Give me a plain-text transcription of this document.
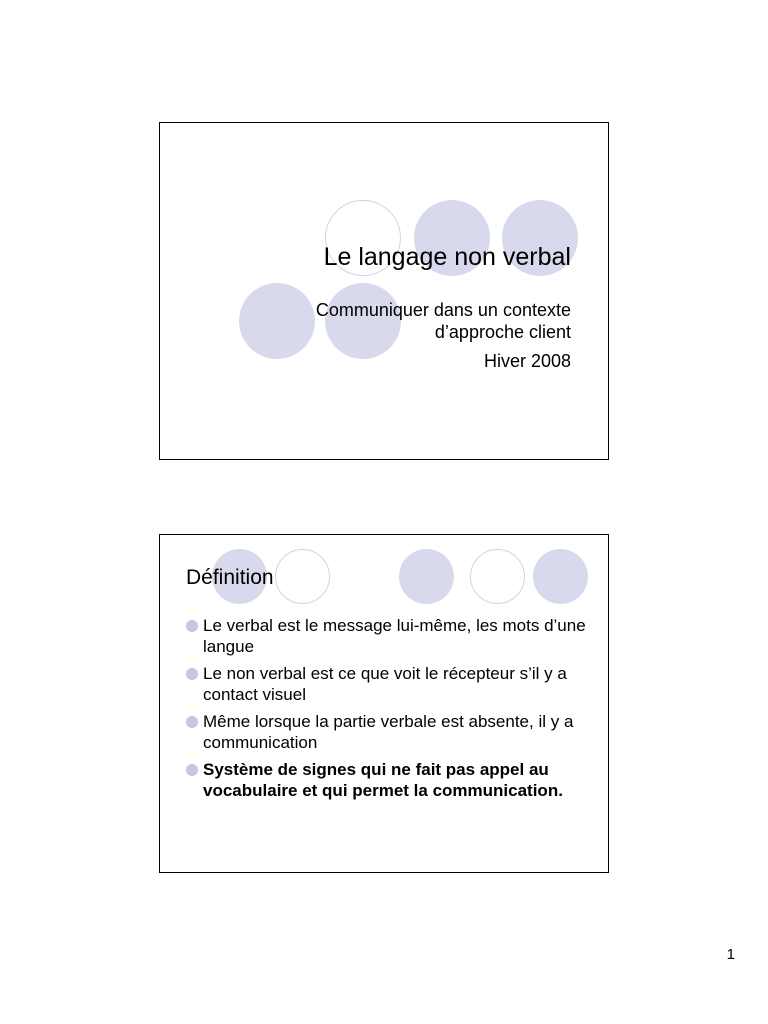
Le langage non verbal
Communiquer dans un contexte
d’approche client
Hiver 2008
Définition
Le verbal est le message lui-même, les mots d’une langue
Le non verbal est ce que voit le récepteur s’il y a contact visuel
Même lorsque la partie verbale est absente, il y a communication
Système de signes qui ne fait pas appel au vocabulaire et qui permet la communication.
1
